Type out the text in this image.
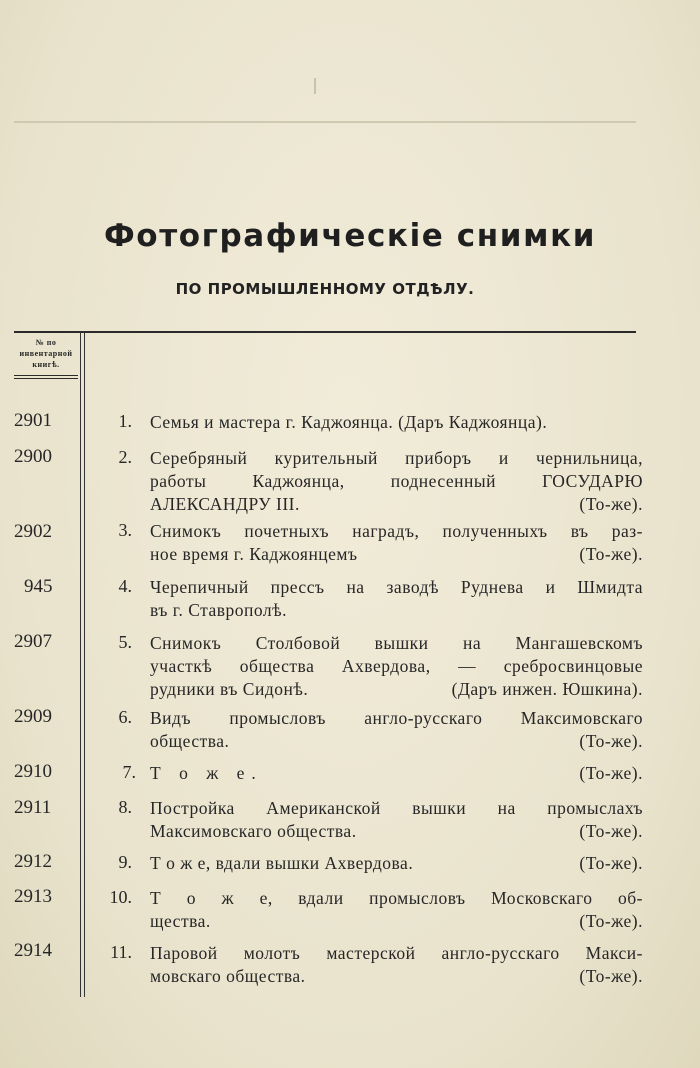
Фотографическіе снимки
ПО ПРОМЫШЛЕННОМУ ОТДѢЛУ.
№ по инвентарной книгѣ.
2901	1. Семья и мастера г. Каджоянца. (Даръ Каджоянца).
2900	2. Серебряный курительный приборъ и чернильница,
работы Каджоянца, поднесенный ГОСУДАРЮ
АЛЕКСАНДРУ III.	(То-же).
2902	3. Снимокъ почетныхъ наградъ, полученныхъ въ раз-
ное время г. Каджоянцемъ	(То-же).
945	4. Черепичный прессъ на заводѣ Руднева и Шмидта
въ г. Ставрополѣ.
2907	5. Снимокъ Столбовой вышки на Мангашевскомъ
участкѣ общества Ахвердова, — сребросвинцовые
рудники въ Сидонѣ.	(Даръ инжен. Юшкина).
2909	6. Видъ промысловъ англо-русскаго Максимовскаго
общества.	(То-же).
2910	7. Т о ж е.	(То-же).
2911	8. Постройка Американской вышки на промыслахъ
Максимовскаго общества.	(То-же).
2912	9. Т о ж е, вдали вышки Ахвердова.	(То-же).
2913	10. Т о ж е, вдали промысловъ Московскаго об-
щества.	(То-же).
2914	11. Паровой молотъ мастерской англо-русскаго Макси-
мовскаго общества.	(То-же).
